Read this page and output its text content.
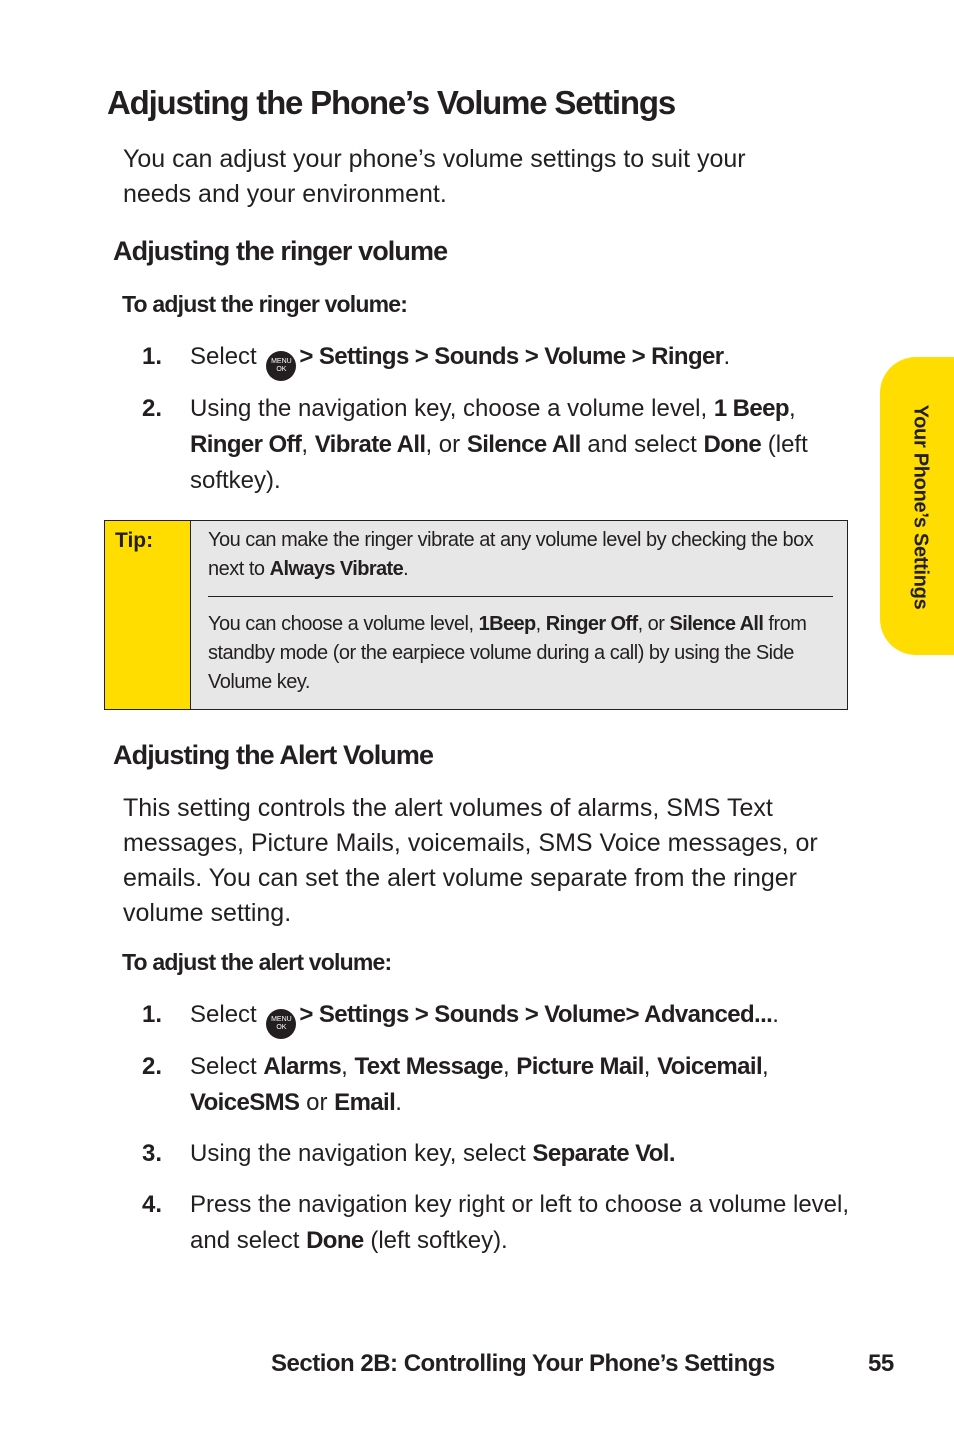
Adjusting the Phone’s Volume Settings
You can adjust your phone’s volume settings to suit your needs and your environment.
Adjusting the ringer volume
To adjust the ringer volume:
1. Select	MENU
OK > Settings > Sounds > Volume > Ringer.
2. Using the navigation key, choose a volume level, 1 Beep, Ringer Off, Vibrate All, or Silence All and select Done (left softkey).
Tip:	You can make the ringer vibrate at any volume level by checking the box next to Always Vibrate.
You can choose a volume level, 1Beep, Ringer Off, or Silence All from standby mode (or the earpiece volume during a call) by using the Side Volume key.
Adjusting the Alert Volume
This setting controls the alert volumes of alarms, SMS Text messages, Picture Mails, voicemails, SMS Voice messages, or emails. You can set the alert volume separate from the ringer volume setting.
To adjust the alert volume:
1. Select	MENU
OK > Settings > Sounds > Volume> Advanced....
2. Select Alarms, Text Message, Picture Mail, Voicemail, VoiceSMS or Email.
3. Using the navigation key, select Separate Vol.
4. Press the navigation key right or left to choose a volume level, and select Done (left softkey).
Your Phone’s Settings
Section 2B: Controlling Your Phone’s Settings	55
